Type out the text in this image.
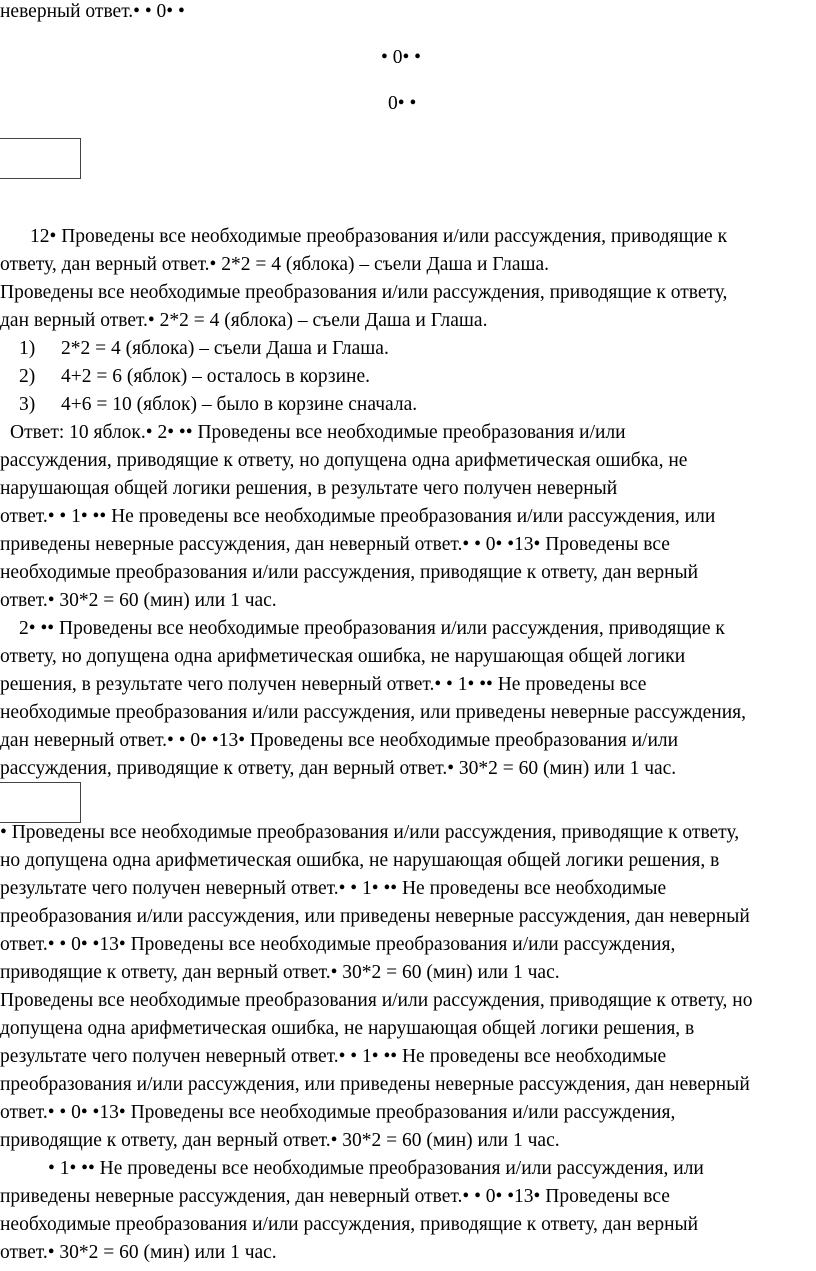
неверный ответ.• • 0• •
• 0• •
0• •
12• Проведены все необходимые преобразования и/или рассуждения, приводящие к
ответу, дан верный ответ.• 2*2 = 4 (яблока) – съели Даша и Глаша.
Проведены все необходимые преобразования и/или рассуждения, приводящие к ответу,
дан верный ответ.• 2*2 = 4 (яблока) – съели Даша и Глаша.
1) 2*2 = 4 (яблока) – съели Даша и Глаша.
2) 4+2 = 6 (яблок) – осталось в корзине.
3) 4+6 = 10 (яблок) – было в корзине сначала.
Ответ: 10 яблок.• 2• •• Проведены все необходимые преобразования и/или
рассуждения, приводящие к ответу, но допущена одна арифметическая ошибка, не
нарушающая общей логики решения, в результате чего получен неверный
ответ.• • 1• •• Не проведены все необходимые преобразования и/или рассуждения, или
приведены неверные рассуждения, дан неверный ответ.• • 0• •13• Проведены все
необходимые преобразования и/или рассуждения, приводящие к ответу, дан верный
ответ.• 30*2 = 60 (мин) или 1 час.
2• •• Проведены все необходимые преобразования и/или рассуждения, приводящие к
ответу, но допущена одна арифметическая ошибка, не нарушающая общей логики
решения, в результате чего получен неверный ответ.• • 1• •• Не проведены все
необходимые преобразования и/или рассуждения, или приведены неверные рассуждения,
дан неверный ответ.• • 0• •13• Проведены все необходимые преобразования и/или
рассуждения, приводящие к ответу, дан верный ответ.• 30*2 = 60 (мин) или 1 час.
• Проведены все необходимые преобразования и/или рассуждения, приводящие к ответу,
но допущена одна арифметическая ошибка, не нарушающая общей логики решения, в
результате чего получен неверный ответ.• • 1• •• Не проведены все необходимые
преобразования и/или рассуждения, или приведены неверные рассуждения, дан неверный
ответ.• • 0• •13• Проведены все необходимые преобразования и/или рассуждения,
приводящие к ответу, дан верный ответ.• 30*2 = 60 (мин) или 1 час.
Проведены все необходимые преобразования и/или рассуждения, приводящие к ответу, но
допущена одна арифметическая ошибка, не нарушающая общей логики решения, в
результате чего получен неверный ответ.• • 1• •• Не проведены все необходимые
преобразования и/или рассуждения, или приведены неверные рассуждения, дан неверный
ответ.• • 0• •13• Проведены все необходимые преобразования и/или рассуждения,
приводящие к ответу, дан верный ответ.• 30*2 = 60 (мин) или 1 час.
• 1• •• Не проведены все необходимые преобразования и/или рассуждения, или
приведены неверные рассуждения, дан неверный ответ.• • 0• •13• Проведены все
необходимые преобразования и/или рассуждения, приводящие к ответу, дан верный
ответ.• 30*2 = 60 (мин) или 1 час.
